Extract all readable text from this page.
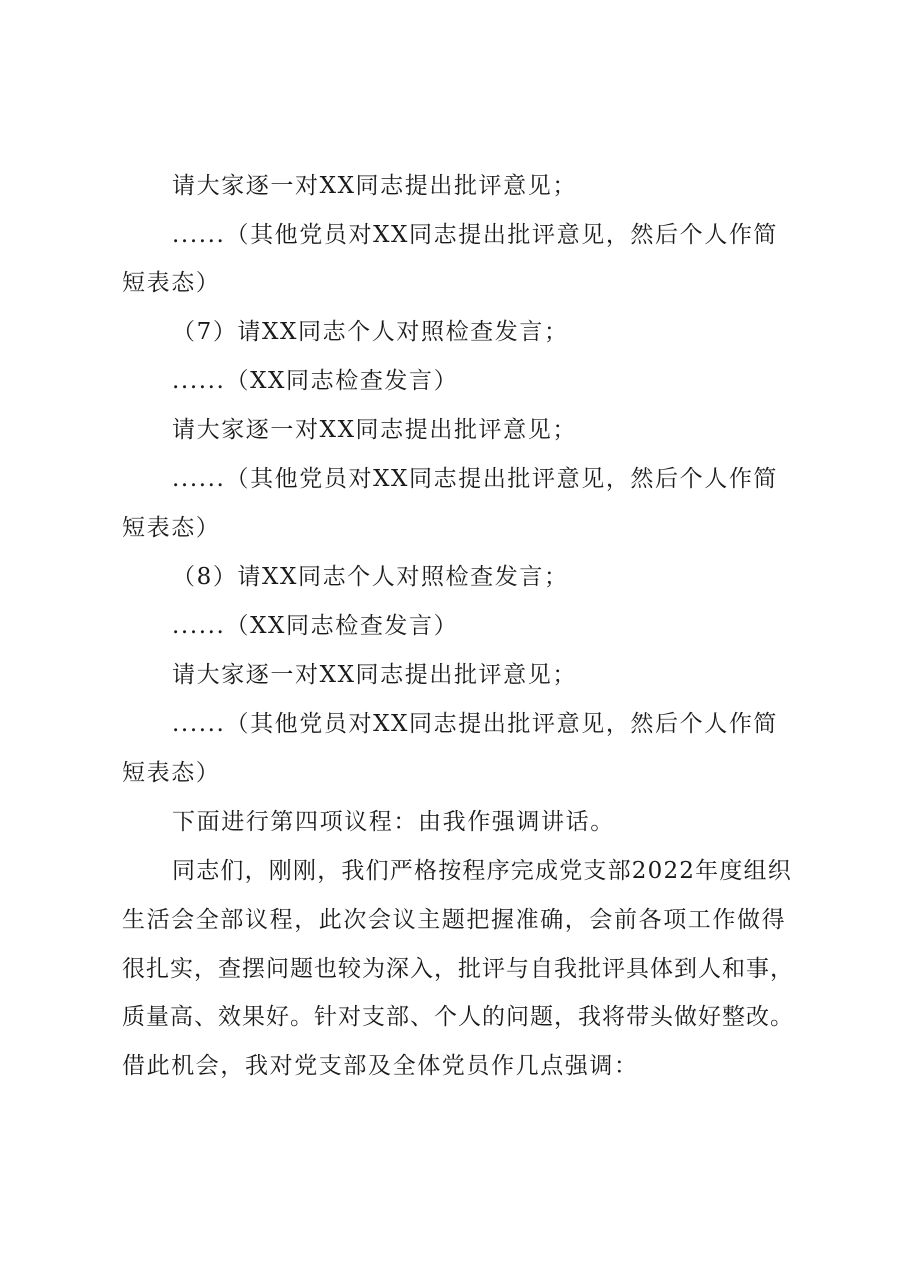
请大家逐一对XX同志提出批评意见；

......（其他党员对XX同志提出批评意见，然后个人作简

短表态）

（7）请XX同志个人对照检查发言；

......（XX同志检查发言）

请大家逐一对XX同志提出批评意见；

......（其他党员对XX同志提出批评意见，然后个人作简

短表态）

（8）请XX同志个人对照检查发言；

......（XX同志检查发言）

请大家逐一对XX同志提出批评意见；

......（其他党员对XX同志提出批评意见，然后个人作简

短表态）

下面进行第四项议程：由我作强调讲话。

同志们，刚刚，我们严格按程序完成党支部2022年度组织

生活会全部议程，此次会议主题把握准确，会前各项工作做得

很扎实，查摆问题也较为深入，批评与自我批评具体到人和事，

质量高、效果好。针对支部、个人的问题，我将带头做好整改。

借此机会，我对党支部及全体党员作几点强调：
